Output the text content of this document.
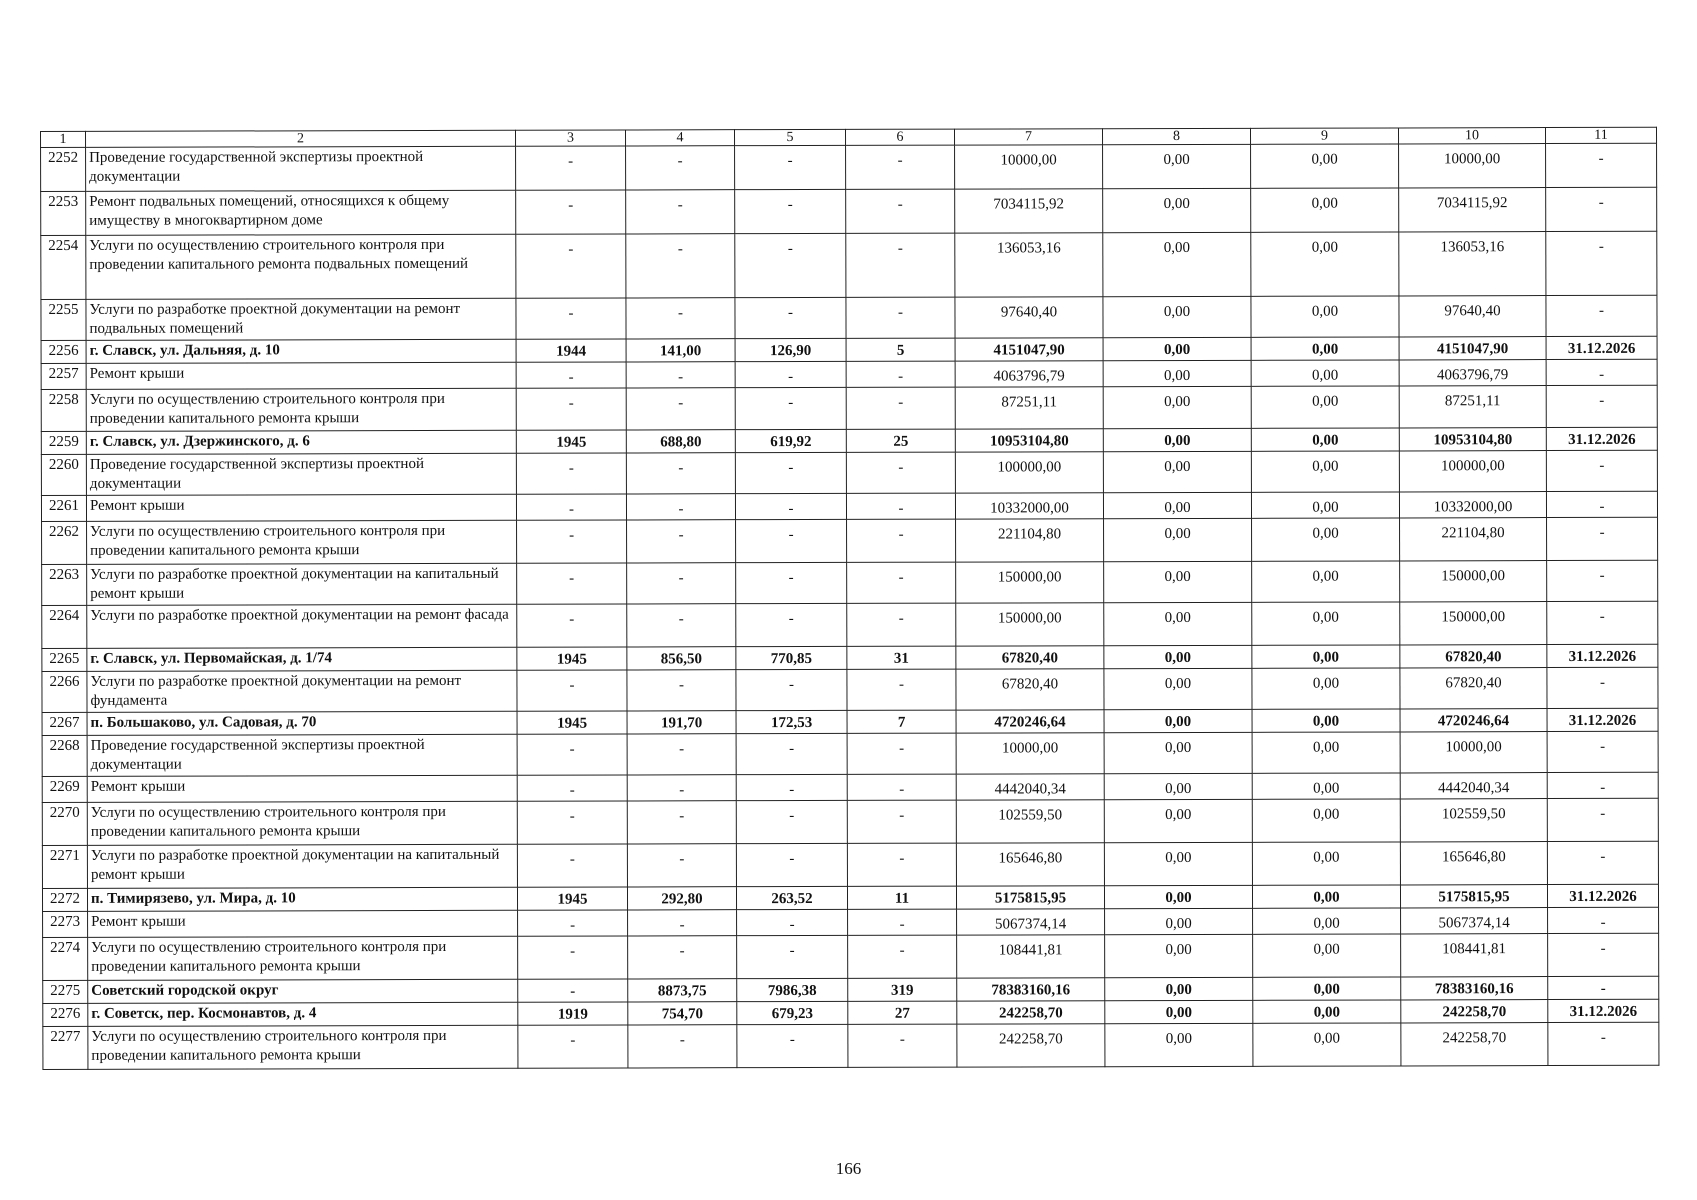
1	2	3	4	5	6	7	8	9	10	11
2252	Проведение государственной экспертизы проектной документации	-	-	-	-	10000,00	0,00	0,00	10000,00	-
2253	Ремонт подвальных помещений, относящихся к общему имуществу в многоквартирном доме	-	-	-	-	7034115,92	0,00	0,00	7034115,92	-
2254	Услуги по осуществлению строительного контроля при проведении капитального ремонта подвальных помещений	-	-	-	-	136053,16	0,00	0,00	136053,16	-
2255	Услуги по разработке проектной документации на ремонт подвальных помещений	-	-	-	-	97640,40	0,00	0,00	97640,40	-
2256	г. Славск, ул. Дальняя, д. 10	1944	141,00	126,90	5	4151047,90	0,00	0,00	4151047,90	31.12.2026
2257	Ремонт крыши	-	-	-	-	4063796,79	0,00	0,00	4063796,79	-
2258	Услуги по осуществлению строительного контроля при проведении капитального ремонта крыши	-	-	-	-	87251,11	0,00	0,00	87251,11	-
2259	г. Славск, ул. Дзержинского, д. 6	1945	688,80	619,92	25	10953104,80	0,00	0,00	10953104,80	31.12.2026
2260	Проведение государственной экспертизы проектной документации	-	-	-	-	100000,00	0,00	0,00	100000,00	-
2261	Ремонт крыши	-	-	-	-	10332000,00	0,00	0,00	10332000,00	-
2262	Услуги по осуществлению строительного контроля при проведении капитального ремонта крыши	-	-	-	-	221104,80	0,00	0,00	221104,80	-
2263	Услуги по разработке проектной документации на капитальный ремонт крыши	-	-	-	-	150000,00	0,00	0,00	150000,00	-
2264	Услуги по разработке проектной документации на ремонт фасада	-	-	-	-	150000,00	0,00	0,00	150000,00	-
2265	г. Славск, ул. Первомайская, д. 1/74	1945	856,50	770,85	31	67820,40	0,00	0,00	67820,40	31.12.2026
2266	Услуги по разработке проектной документации на ремонт фундамента	-	-	-	-	67820,40	0,00	0,00	67820,40	-
2267	п. Большаково, ул. Садовая, д. 70	1945	191,70	172,53	7	4720246,64	0,00	0,00	4720246,64	31.12.2026
2268	Проведение государственной экспертизы проектной документации	-	-	-	-	10000,00	0,00	0,00	10000,00	-
2269	Ремонт крыши	-	-	-	-	4442040,34	0,00	0,00	4442040,34	-
2270	Услуги по осуществлению строительного контроля при проведении капитального ремонта крыши	-	-	-	-	102559,50	0,00	0,00	102559,50	-
2271	Услуги по разработке проектной документации на капитальный ремонт крыши	-	-	-	-	165646,80	0,00	0,00	165646,80	-
2272	п. Тимирязево, ул. Мира, д. 10	1945	292,80	263,52	11	5175815,95	0,00	0,00	5175815,95	31.12.2026
2273	Ремонт крыши	-	-	-	-	5067374,14	0,00	0,00	5067374,14	-
2274	Услуги по осуществлению строительного контроля при проведении капитального ремонта крыши	-	-	-	-	108441,81	0,00	0,00	108441,81	-
2275	Советский городской округ	-	8873,75	7986,38	319	78383160,16	0,00	0,00	78383160,16	-
2276	г. Советск, пер. Космонавтов, д. 4	1919	754,70	679,23	27	242258,70	0,00	0,00	242258,70	31.12.2026
2277	Услуги по осуществлению строительного контроля при проведении капитального ремонта крыши	-	-	-	-	242258,70	0,00	0,00	242258,70	-
166
